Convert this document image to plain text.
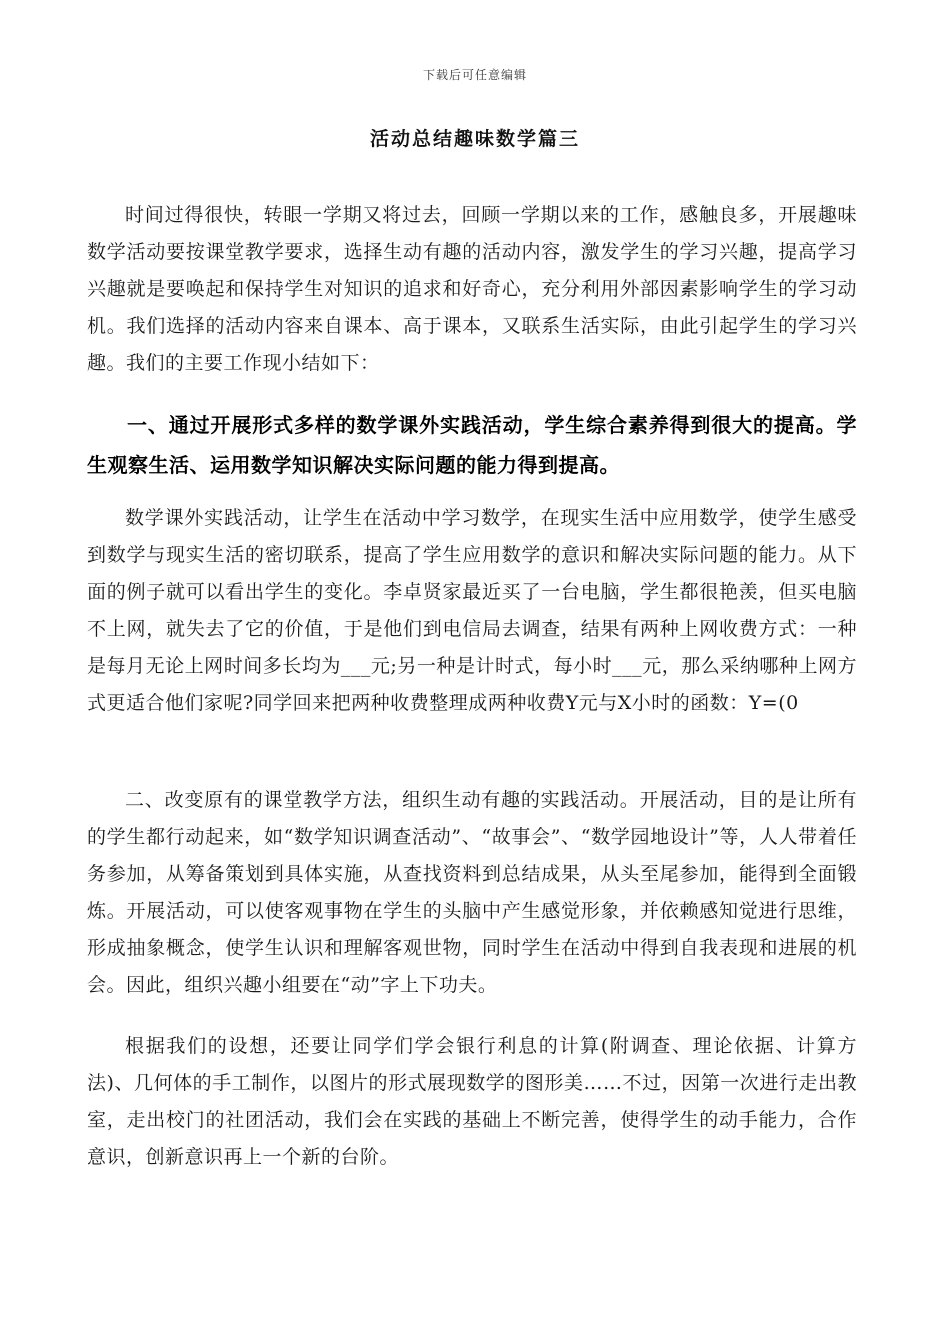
下载后可任意编辑
活动总结趣味数学篇三

时间过得很快，转眼一学期又将过去，回顾一学期以来的工作，感触良多，开展趣味数学活动要按课堂教学要求，选择生动有趣的活动内容，激发学生的学习兴趣，提高学习兴趣就是要唤起和保持学生对知识的追求和好奇心，充分利用外部因素影响学生的学习动机。我们选择的活动内容来自课本、高于课本，又联系生活实际，由此引起学生的学习兴趣。我们的主要工作现小结如下：

一、通过开展形式多样的数学课外实践活动，学生综合素养得到很大的提高。学生观察生活、运用数学知识解决实际问题的能力得到提高。

数学课外实践活动，让学生在活动中学习数学，在现实生活中应用数学，使学生感受到数学与现实生活的密切联系，提高了学生应用数学的意识和解决实际问题的能力。从下面的例子就可以看出学生的变化。李卓贤家最近买了一台电脑，学生都很艳羡，但买电脑不上网，就失去了它的价值，于是他们到电信局去调查，结果有两种上网收费方式：一种是每月无论上网时间多长均为___元;另一种是计时式，每小时___元，那么采纳哪种上网方式更适合他们家呢?同学回来把两种收费整理成两种收费Y元与X小时的函数：Y=(0

二、改变原有的课堂教学方法，组织生动有趣的实践活动。开展活动，目的是让所有的学生都行动起来，如“数学知识调查活动”、“故事会”、“数学园地设计”等，人人带着任务参加，从筹备策划到具体实施，从查找资料到总结成果，从头至尾参加，能得到全面锻炼。开展活动，可以使客观事物在学生的头脑中产生感觉形象，并依赖感知觉进行思维，形成抽象概念，使学生认识和理解客观世物，同时学生在活动中得到自我表现和进展的机会。因此，组织兴趣小组要在“动”字上下功夫。

根据我们的设想，还要让同学们学会银行利息的计算(附调查、理论依据、计算方法)、几何体的手工制作，以图片的形式展现数学的图形美……不过，因第一次进行走出教室，走出校门的社团活动，我们会在实践的基础上不断完善，使得学生的动手能力，合作意识，创新意识再上一个新的台阶。
